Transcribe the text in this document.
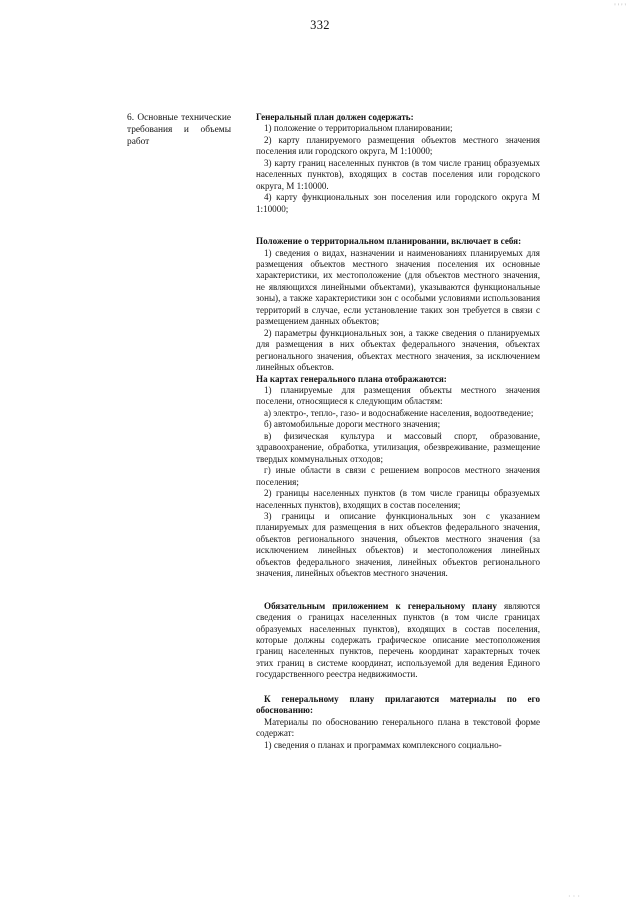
332
6. Основные технические требования и объемы работ

Генеральный план должен содержать:

1) положение о территориальном планировании;

2) карту планируемого размещения объектов местного значения поселения или городского округа, М 1:10000;

3) карту границ населенных пунктов (в том числе границ образуемых населенных пунктов), входящих в состав поселения или городского округа, М 1:10000.

4) карту функциональных зон поселения или городского округа М 1:10000;

Положение о территориальном планировании, включает в себя:

1) сведения о видах, назначении и наименованиях планируемых для размещения объектов местного значения поселения их основные характеристики, их местоположение (для объектов местного значения, не являющихся линейными объектами), указываются функциональные зоны), а также характеристики зон с особыми условиями использования территорий в случае, если установление таких зон требуется в связи с размещением данных объектов;

2) параметры функциональных зон, а также сведения о планируемых для размещения в них объектах федерального значения, объектах регионального значения, объектах местного значения, за исключением линейных объектов.

На картах генерального плана отображаются:

1) планируемые для размещения объекты местного значения поселени, относящиеся к следующим областям:

а) электро-, тепло-, газо- и водоснабжение населения, водоотведение;

б) автомобильные дороги местного значения;

в) физическая культура и массовый спорт, образование, здравоохранение, обработка, утилизация, обезвреживание, размещение твердых коммунальных отходов;

г) иные области в связи с решением вопросов местного значения поселения;

2) границы населенных пунктов (в том числе границы образуемых населенных пунктов), входящих в состав поселения;

3) границы и описание функциональных зон с указанием планируемых для размещения в них объектов федерального значения, объектов регионального значения, объектов местного значения (за исключением линейных объектов) и местоположения линейных объектов федерального значения, линейных объектов регионального значения, линейных объектов местного значения.

Обязательным приложением к генеральному плану являются сведения о границах населенных пунктов (в том числе границах образуемых населенных пунктов), входящих в состав поселения, которые должны содержать графическое описание местоположения границ населенных пунктов, перечень координат характерных точек этих границ в системе координат, используемой для ведения Единого государственного реестра недвижимости.

К генеральному плану прилагаются материалы по его обоснованию:

Материалы по обоснованию генерального плана в текстовой форме содержат:

1) сведения о планах и программах комплексного социально-

' ' ' '
· · ·
